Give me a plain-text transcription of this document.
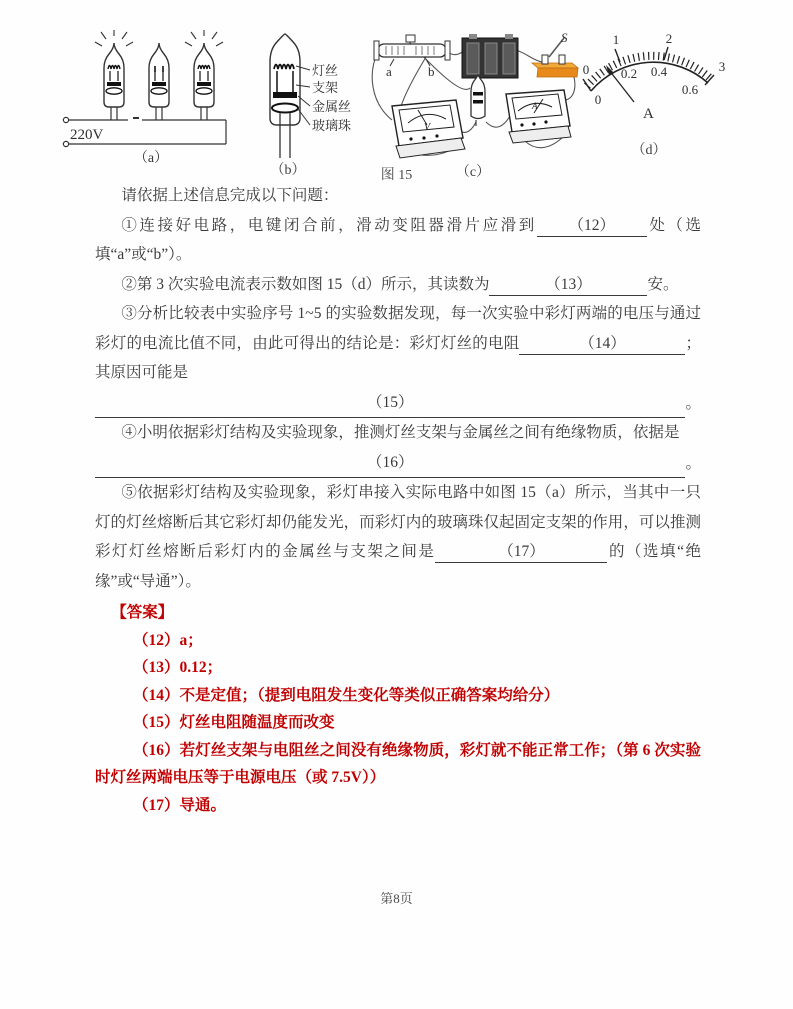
220V
（a）
灯丝
支架
金属丝
玻璃珠
（b）
a	b
S
V
A
（c）
0
1	2
3
0
0.2 0.4
0.6
A
（d）
图 15

请依据上述信息完成以下问题：

①连接好电路，电键闭合前，滑动变阻器滑片应滑到 （12） 处（选填“a”或“b”）。

②第 3 次实验电流表示数如图 15（d）所示，其读数为	（13）	安。

③分析比较表中实验序号 1~5 的实验数据发现，每一次实验中彩灯两端的电压与通过彩灯的电流比值不同，由此可得出的结论是：彩灯灯丝的电阻	（14）	；其原因可能是

（15）	。

④小明依据彩灯结构及实验现象，推测灯丝支架与金属丝之间有绝缘物质，依据是

（16）	。

⑤依据彩灯结构及实验现象，彩灯串接入实际电路中如图 15（a）所示，当其中一只灯的灯丝熔断后其它彩灯却仍能发光，而彩灯内的玻璃珠仅起固定支架的作用，可以推测彩灯灯丝熔断后彩灯内的金属丝与支架之间是	（17）	的（选填“绝缘”或“导通”）。

【答案】

（12）a；

（13）0.12；

（14）不是定值；（提到电阻发生变化等类似正确答案均给分）

（15）灯丝电阻随温度而改变

（16）若灯丝支架与电阻丝之间没有绝缘物质，彩灯就不能正常工作；（第 6 次实验时灯丝两端电压等于电源电压（或 7.5V））

（17）导通。

第8页
